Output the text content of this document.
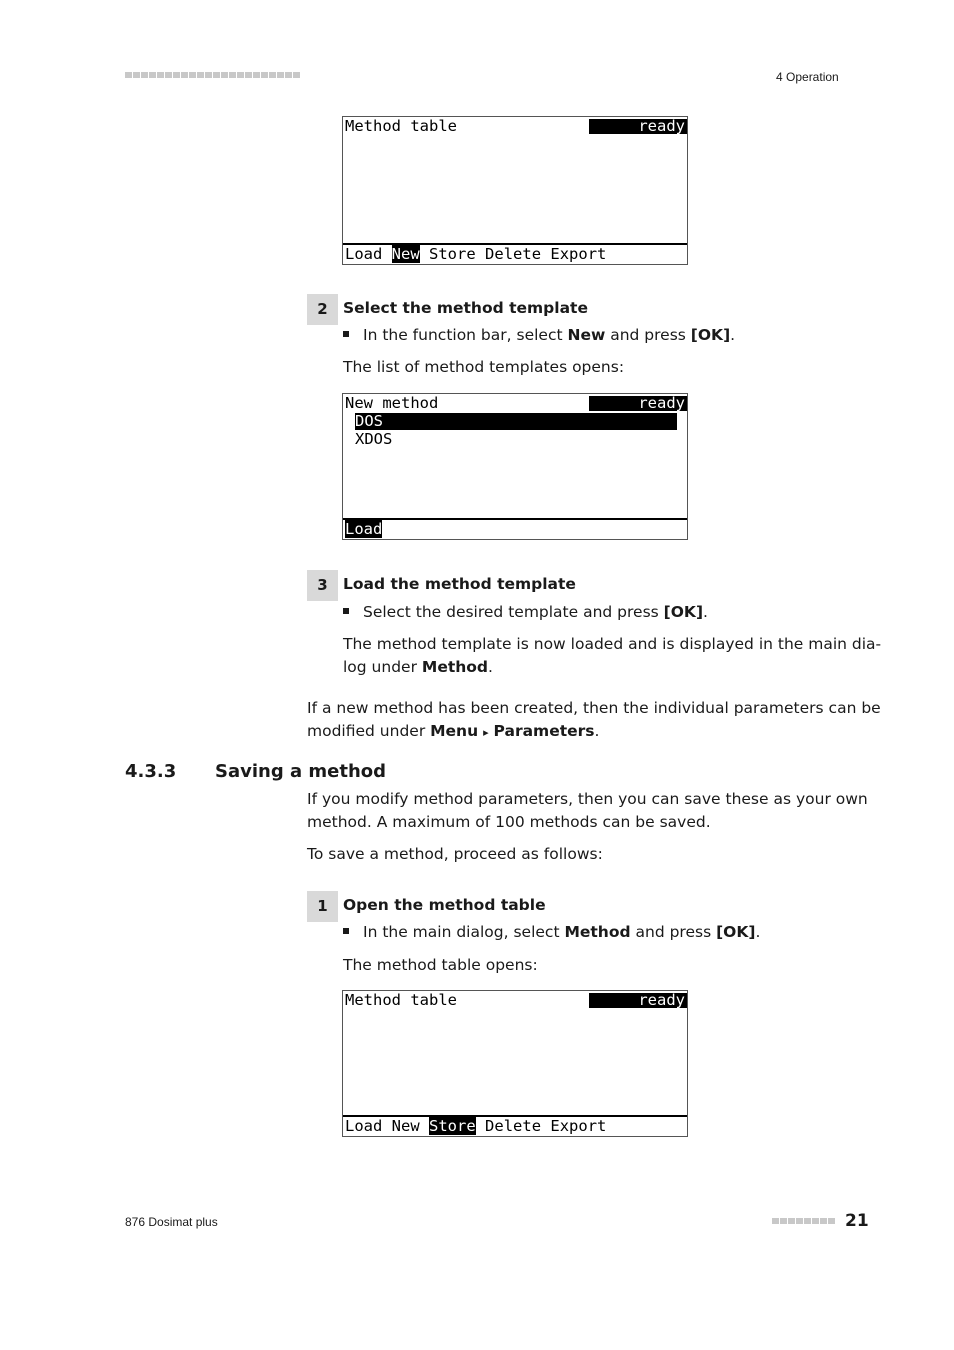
4 Operation
Method table	ready
Load New Store Delete Export
2 Select the method template
In the function bar, select New and press [OK].
The list of method templates opens:
New method	ready
DOS
XDOS
Load
3 Load the method template
Select the desired template and press [OK].
The method template is now loaded and is displayed in the main dia-
log under Method.
If a new method has been created, then the individual parameters can be
modified under Menu ▸ Parameters.
4.3.3 Saving a method
If you modify method parameters, then you can save these as your own
method. A maximum of 100 methods can be saved.
To save a method, proceed as follows:
1 Open the method table
In the main dialog, select Method and press [OK].
The method table opens:
Method table	ready
Load New Store Delete Export
876 Dosimat plus	21
